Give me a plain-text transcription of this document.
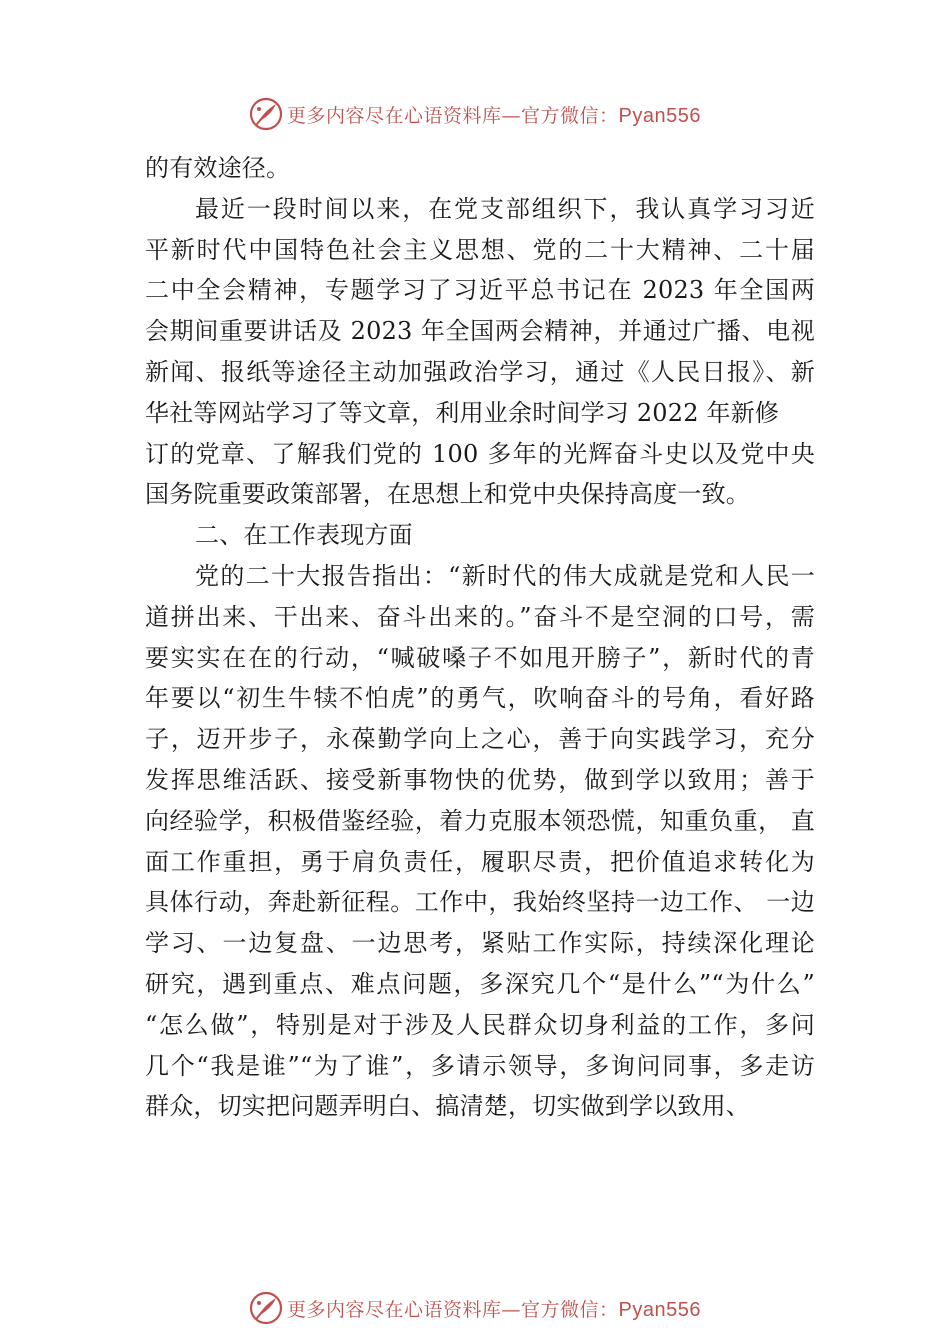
更多内容尽在心语资料库—官方微信：Pyan556
的有效途径。
最近一段时间以来，在党支部组织下，我认真学习习近
平新时代中国特色社会主义思想、党的二十大精神、二十届
二中全会精神，专题学习了习近平总书记在 2023 年全国两
会期间重要讲话及 2023 年全国两会精神，并通过广播、电视
新闻、报纸等途径主动加强政治学习，通过《人民日报》、新
华社等网站学习了等文章，利用业余时间学习 2022 年新修
订的党章、了解我们党的 100 多年的光辉奋斗史以及党中央
国务院重要政策部署，在思想上和党中央保持高度一致。
二、在工作表现方面
党的二十大报告指出：“新时代的伟大成就是党和人民一
道拼出来、干出来、奋斗出来的。”奋斗不是空洞的口号，需
要实实在在的行动，“喊破嗓子不如甩开膀子”，新时代的青
年要以“初生牛犊不怕虎”的勇气，吹响奋斗的号角，看好路
子，迈开步子，永葆勤学向上之心，善于向实践学习，充分
发挥思维活跃、接受新事物快的优势，做到学以致用；善于
向经验学，积极借鉴经验，着力克服本领恐慌，知重负重， 直
面工作重担，勇于肩负责任，履职尽责，把价值追求转化为
具体行动，奔赴新征程。工作中，我始终坚持一边工作、 一边
学习、一边复盘、一边思考，紧贴工作实际，持续深化理论
研究，遇到重点、难点问题，多深究几个“是什么”“为什么”
“怎么做”，特别是对于涉及人民群众切身利益的工作，多问
几个“我是谁”“为了谁”，多请示领导，多询问同事，多走访
群众，切实把问题弄明白、搞清楚，切实做到学以致用、
更多内容尽在心语资料库—官方微信：Pyan556
